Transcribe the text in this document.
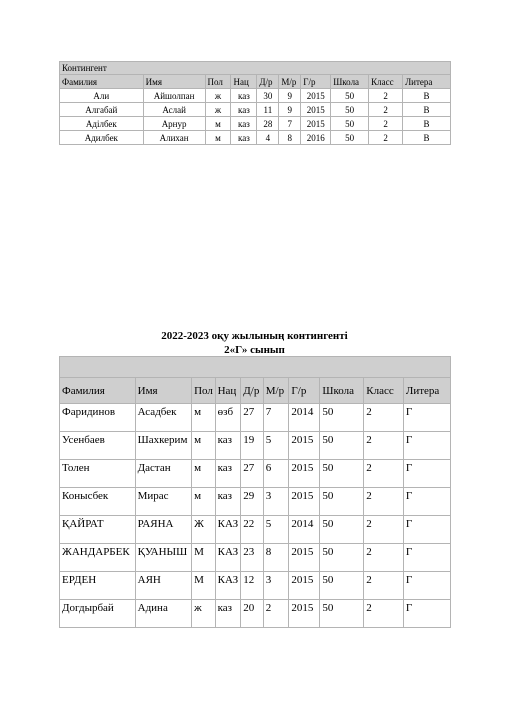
Контингент									
Фамилия	Имя	Пол	Нац	Д/р	М/р	Г/р	Школа	Класс	Литера
Али	Айшолпан	ж	каз	30	9	2015	50	2	В
Алгабай	Аслай	ж	каз	11	9	2015	50	2	В
Адiлбек	Арнур	м	каз	28	7	2015	50	2	В
Адилбек	Алихан	м	каз	4	8	2016	50	2	В
2022-2023 оқу жылының контингенті
2«Г» сынып

Фамилия	Имя	Пол	Нац	Д/р	М/р	Г/р	Школа	Класс	Литера
Фаридинов	Асадбек	м	өзб	27	7	2014	50	2	Г
Усенбаев	Шахкерим	м	каз	19	5	2015	50	2	Г
Толен	Дастан	м	каз	27	6	2015	50	2	Г
Конысбек	Мирас	м	каз	29	3	2015	50	2	Г
ҚАЙРАТ	РАЯНА	Ж	КАЗ	22	5	2014	50	2	Г
ЖАНДАРБЕК	ҚУАНЫШ	М	КАЗ	23	8	2015	50	2	Г
ЕРДЕН	АЯН	М	КАЗ	12	3	2015	50	2	Г
Догдырбай	Адина	ж	каз	20	2	2015	50	2	Г
